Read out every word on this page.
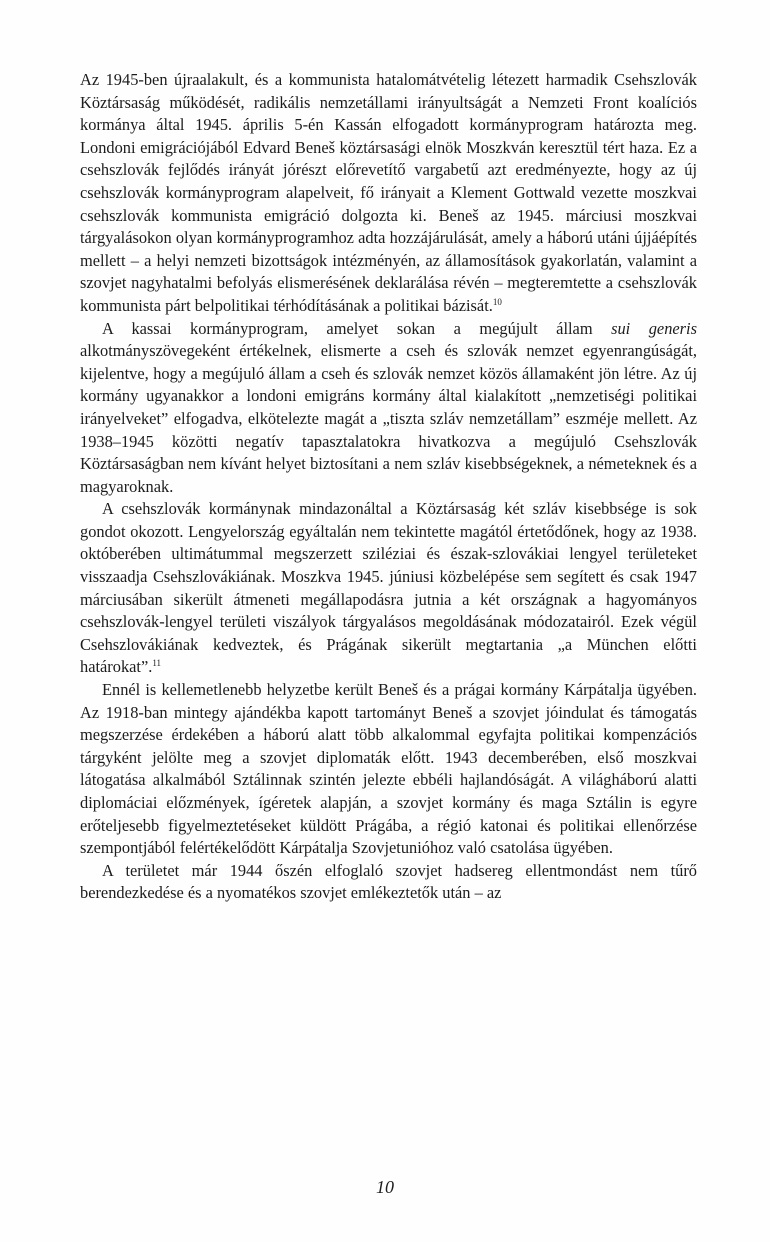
Az 1945-ben újraalakult, és a kommunista hatalomátvételig létezett harmadik Csehszlovák Köztársaság működését, radikális nemzetállami irányultságát a Nemzeti Front koalíciós kormánya által 1945. április 5-én Kassán elfogadott kormányprogram határozta meg. Londoni emigrációjából Edvard Beneš köztársasági elnök Moszkván keresztül tért haza. Ez a csehszlovák fejlődés irányát jórészt előrevetítő vargabetű azt eredményezte, hogy az új csehszlovák kormányprogram alapelveit, fő irányait a Klement Gottwald vezette moszkvai csehszlovák kommunista emigráció dolgozta ki. Beneš az 1945. márciusi moszkvai tárgyalásokon olyan kormányprogramhoz adta hozzájárulását, amely a háború utáni újjáépítés mellett – a helyi nemzeti bizottságok intézményén, az államosítások gyakorlatán, valamint a szovjet nagyhatalmi befolyás elismerésének deklarálása révén – megteremtette a csehszlovák kommunista párt belpolitikai térhódításának a politikai bázisát.$^{10}$

A kassai kormányprogram, amelyet sokan a megújult állam sui generis alkotmányszövegeként értékelnek, elismerte a cseh és szlovák nemzet egyenrangúságát, kijelentve, hogy a megújuló állam a cseh és szlovák nemzet közös államaként jön létre. Az új kormány ugyanakkor a londoni emigráns kormány által kialakított „nemzetiségi politikai irányelveket” elfogadva, elkötelezte magát a „tiszta szláv nemzetállam” eszméje mellett. Az 1938–1945 közötti negatív tapasztalatokra hivatkozva a megújuló Csehszlovák Köztársaságban nem kívánt helyet biztosítani a nem szláv kisebbségeknek, a németeknek és a magyaroknak.

A csehszlovák kormánynak mindazonáltal a Köztársaság két szláv kisebbsége is sok gondot okozott. Lengyelország egyáltalán nem tekintette magától értetődőnek, hogy az 1938. októberében ultimátummal megszerzett sziléziai és észak-szlovákiai lengyel területeket visszaadja Csehszlovákiának. Moszkva 1945. júniusi közbelépése sem segített és csak 1947 márciusában sikerült átmeneti megállapodásra jutnia a két országnak a hagyományos csehszlovák-lengyel területi viszályok tárgyalásos megoldásának módozatairól. Ezek végül Csehszlovákiának kedveztek, és Prágának sikerült megtartania „a München előtti határokat”.$^{11}$

Ennél is kellemetlenebb helyzetbe került Beneš és a prágai kormány Kárpátalja ügyében. Az 1918-ban mintegy ajándékba kapott tartományt Beneš a szovjet jóindulat és támogatás megszerzése érdekében a háború alatt több alkalommal egyfajta politikai kompenzációs tárgyként jelölte meg a szovjet diplomaták előtt. 1943 decemberében, első moszkvai látogatása alkalmából Sztálinnak szintén jelezte ebbéli hajlandóságát. A világháború alatti diplomáciai előzmények, ígéretek alapján, a szovjet kormány és maga Sztálin is egyre erőteljesebb figyelmeztetéseket küldött Prágába, a régió katonai és politikai ellenőrzése szempontjából felértékelődött Kárpátalja Szovjetunióhoz való csatolása ügyében.

A területet már 1944 őszén elfoglaló szovjet hadsereg ellentmondást nem tűrő berendezkedése és a nyomatékos szovjet emlékeztetők után – az

10
